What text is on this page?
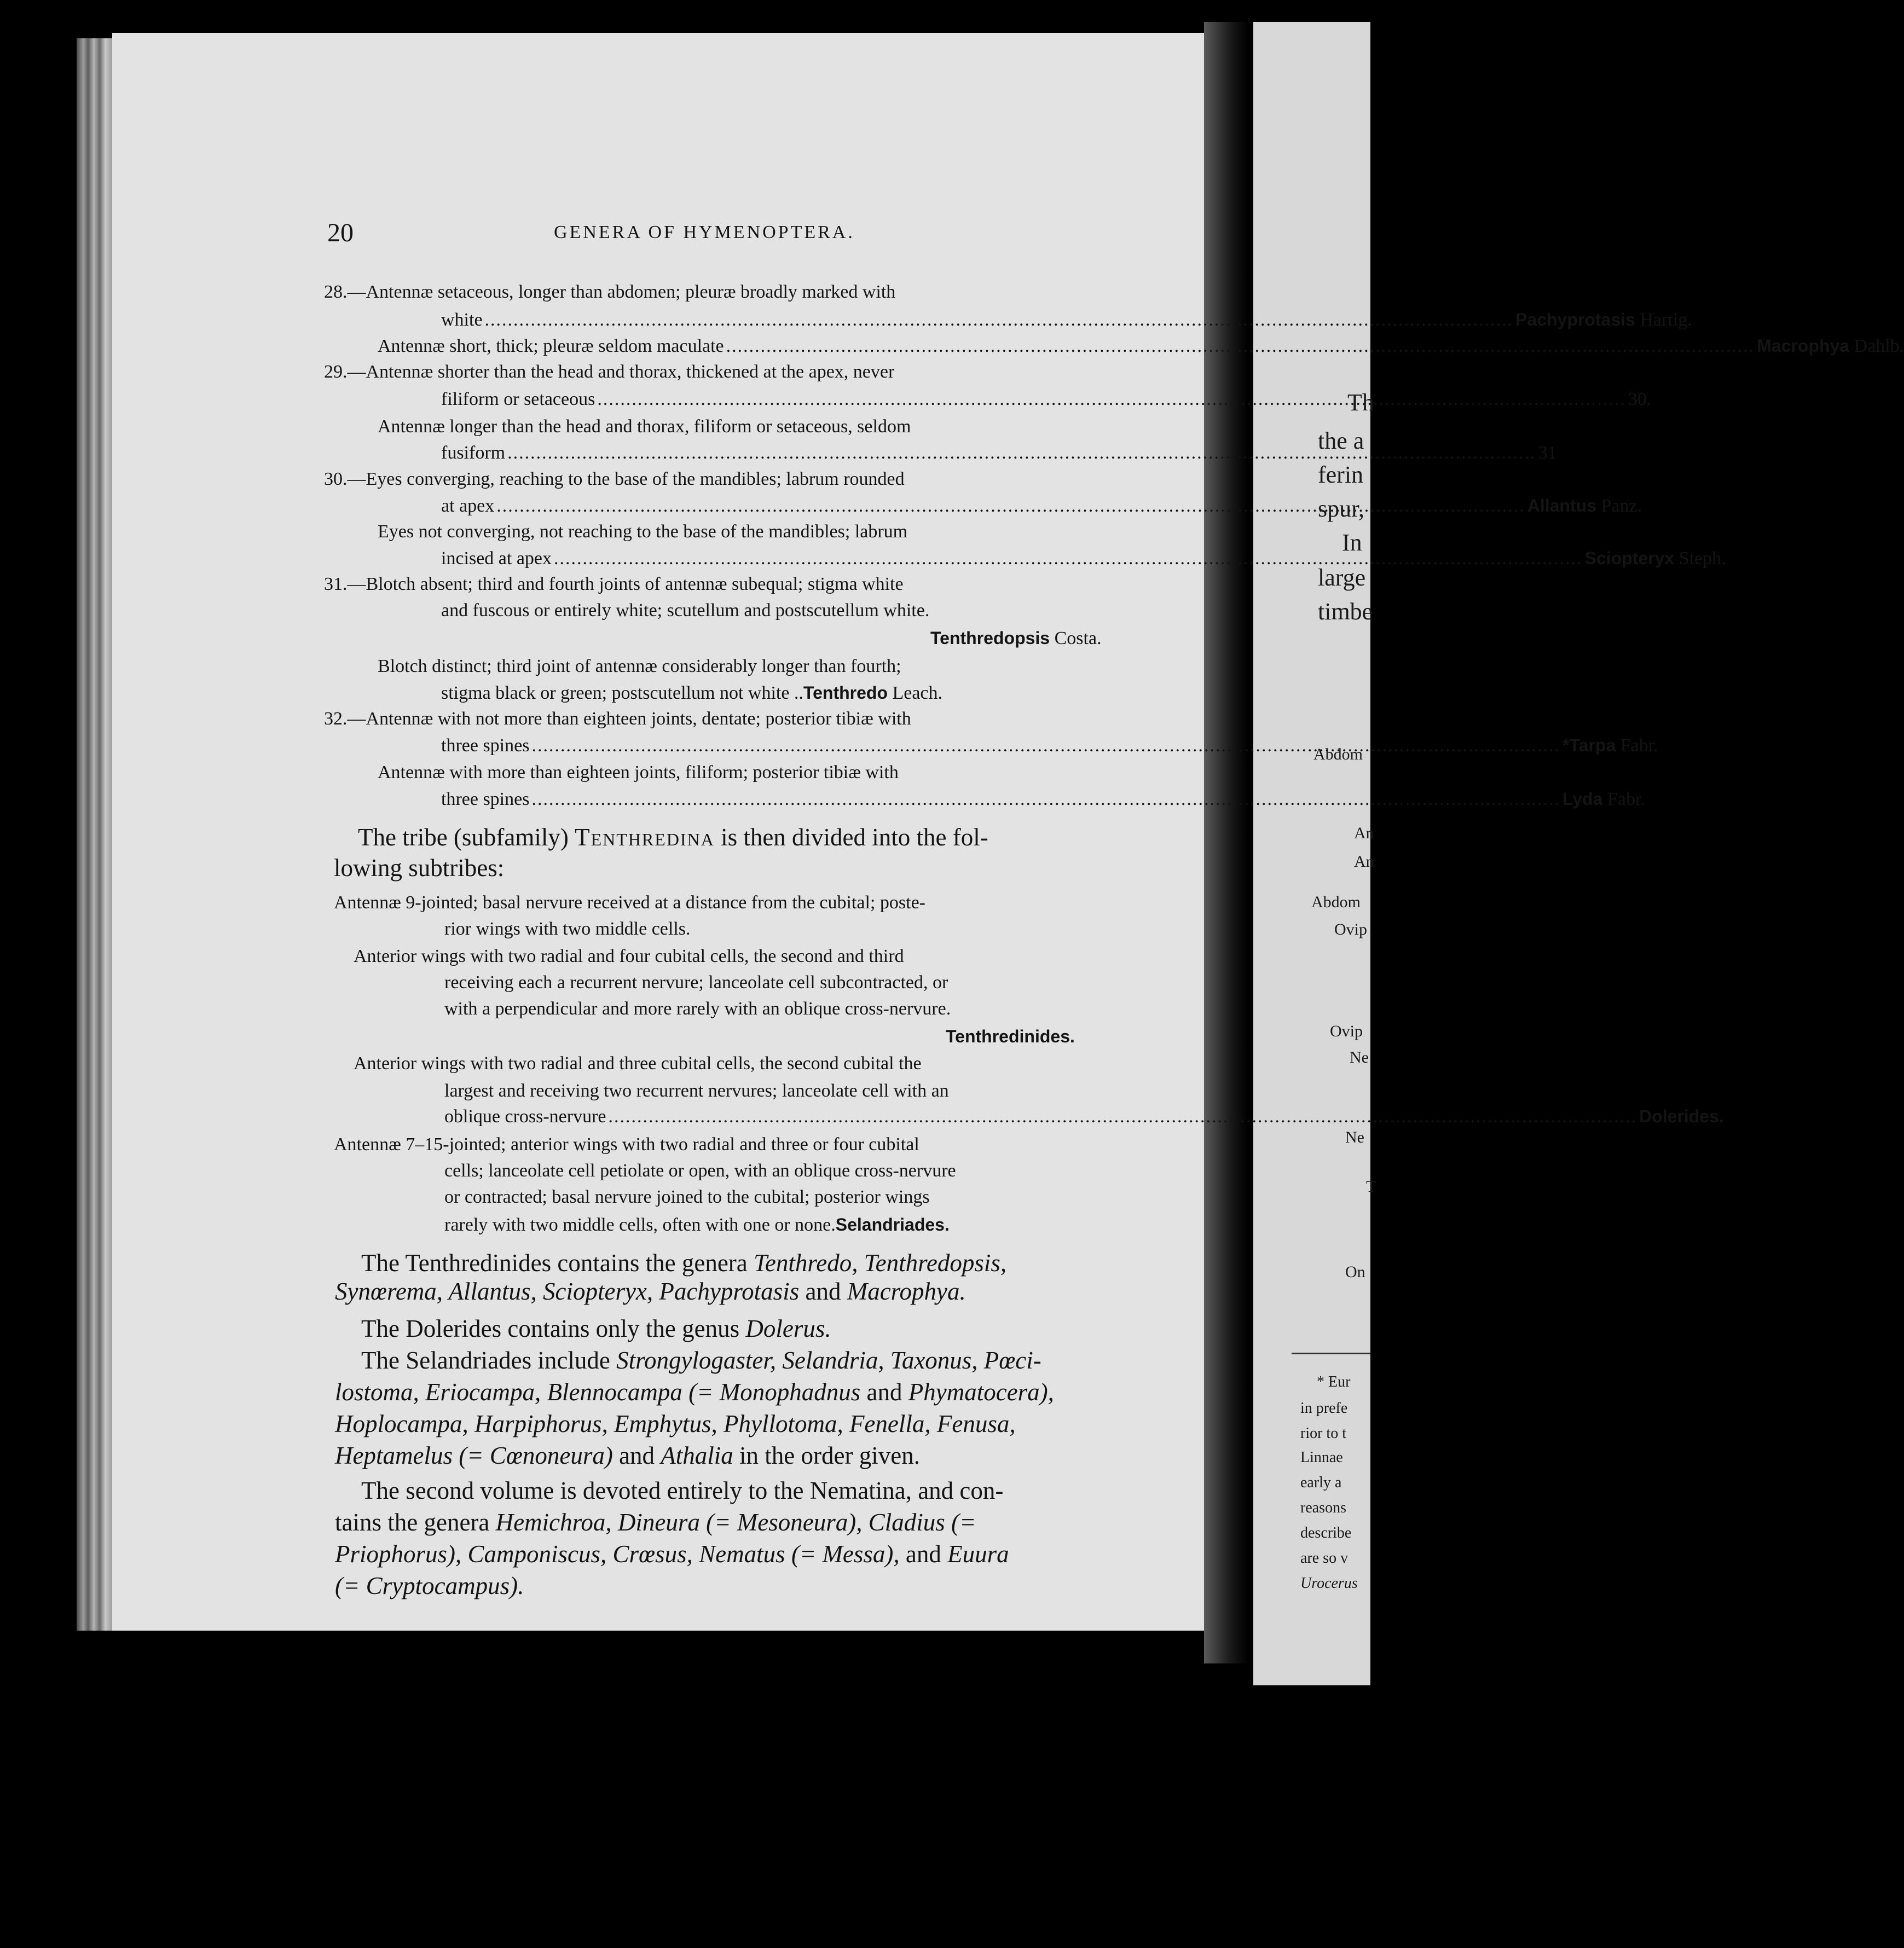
20	GENERA OF HYMENOPTERA.
28.—Antennæ setaceous, longer than abdomen; pleuræ broadly marked with
white .....	Pachyprotasis Hartig.
Antennæ short, thick; pleuræ seldom maculate .....	Macrophya Dahlb.
29.—Antennæ shorter than the head and thorax, thickened at the apex, never
filiform or setaceous .....	30.
Antennæ longer than the head and thorax, filiform or setaceous, seldom
fusiform .....	31
30.—Eyes converging, reaching to the base of the mandibles; labrum rounded
at apex .....	Allantus Panz.
Eyes not converging, not reaching to the base of the mandibles; labrum
incised at apex .....	Sciopteryx Steph.
31.—Blotch absent; third and fourth joints of antennæ subequal; stigma white
and fuscous or entirely white; scutellum and postscutellum white.
Tenthredopsis Costa.
Blotch distinct; third joint of antennæ considerably longer than fourth;
stigma black or green; postscutellum not white ..Tenthredo Leach.
32.—Antennæ with not more than eighteen joints, dentate; posterior tibiæ with
three spines .....	*Tarpa Fabr.
Antennæ with more than eighteen joints, filiform; posterior tibiæ with
three spines .....	Lyda Fabr.
The tribe (subfamily) Tenthredina is then divided into the fol-
lowing subtribes:
Antennæ 9-jointed; basal nervure received at a distance from the cubital; poste-
rior wings with two middle cells.
Anterior wings with two radial and four cubital cells, the second and third
receiving each a recurrent nervure; lanceolate cell subcontracted, or
with a perpendicular and more rarely with an oblique cross-nervure.
Tenthredinides.
Anterior wings with two radial and three cubital cells, the second cubital the
largest and receiving two recurrent nervures; lanceolate cell with an
oblique cross-nervure .....	Dolerides.
Antennæ 7–15-jointed; anterior wings with two radial and three or four cubital
cells; lanceolate cell petiolate or open, with an oblique cross-nervure
or contracted; basal nervure joined to the cubital; posterior wings
rarely with two middle cells, often with one or none.Selandriades.
The Tenthredinides contains the genera Tenthredo, Tenthredopsis,
Synœrema, Allantus, Sciopteryx, Pachyprotasis and Macrophya.
The Dolerides contains only the genus Dolerus.
The Selandriades include Strongylogaster, Selandria, Taxonus, Pœci-
lostoma, Eriocampa, Blennocampa (= Monophadnus and Phymatocera),
Hoplocampa, Harpiphorus, Emphytus, Phyllotoma, Fenella, Fenusa,
Heptamelus (= Cœnoneura) and Athalia in the order given.
The second volume is devoted entirely to the Nematina, and con-
tains the genera Hemichroa, Dineura (= Mesoneura), Cladius (=
Priophorus), Camponiscus, Crœsus, Nematus (= Messa), and Euura
(= Cryptocampus).
Th
the a
ferin
spur,
In
large
timbe
Abdom
An
An
Abdom
Ovip
Ovip
Ne
Ne
T
On
* Eur
in prefe
rior to t
Linnae
early a
reasons
describe
are so v
Urocerus
